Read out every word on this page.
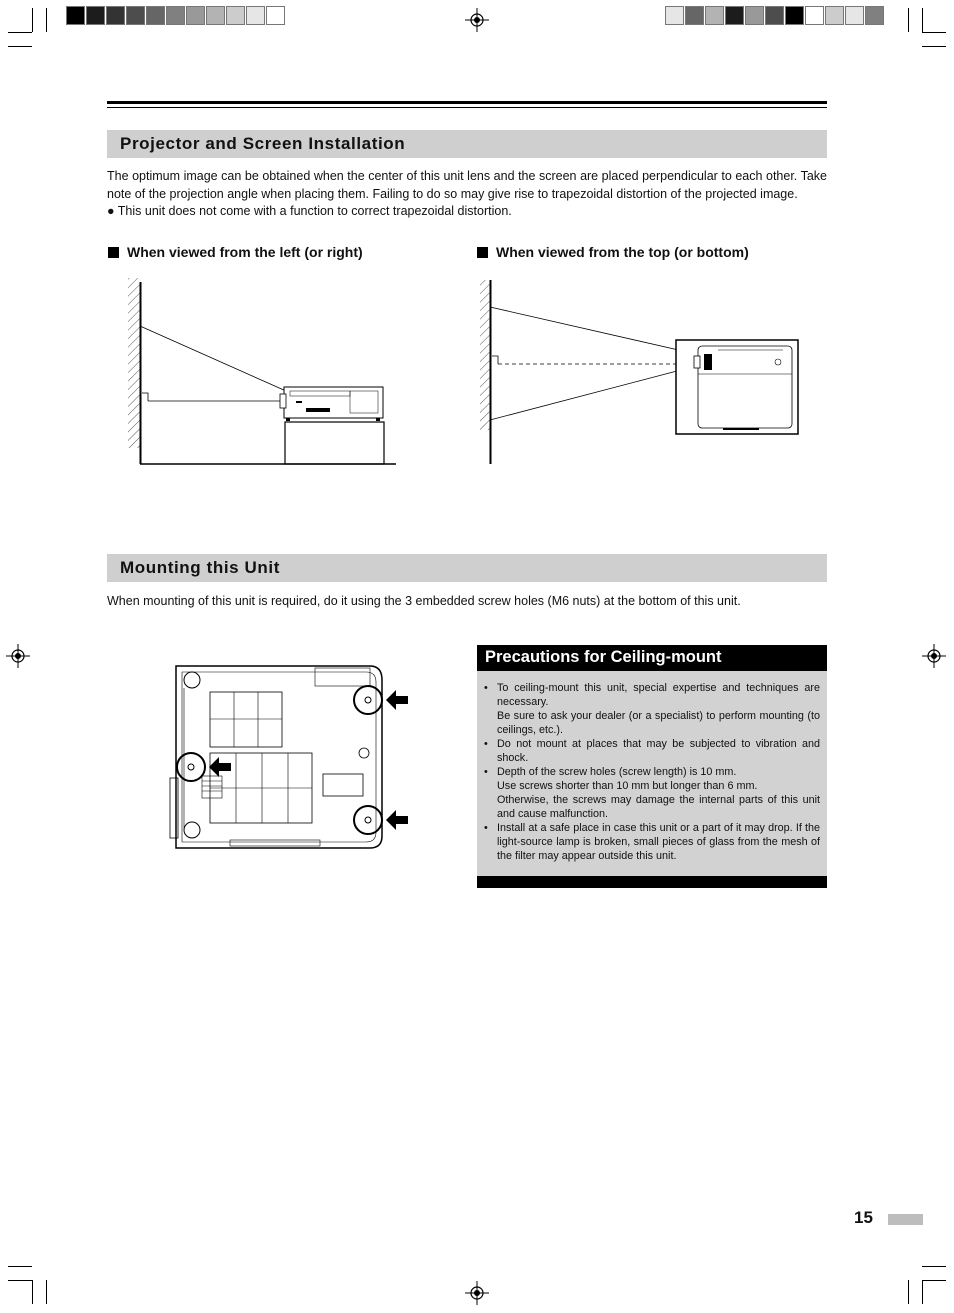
Projector and Screen Installation

The optimum image can be obtained when the center of this unit lens and the screen are placed perpendicular to each other. Take note of the projection angle when placing them. Failing to do so may give rise to trapezoidal distortion of the projected image.

● This unit does not come with a function to correct trapezoidal distortion.

When viewed from the left (or right)	When viewed from the top (or bottom)
Mounting this Unit

When mounting of this unit is required, do it using the 3 embedded screw holes (M6 nuts) at the bottom of this unit.

Precautions for Ceiling-mount
• To ceiling-mount this unit, special expertise and techniques are necessary.
Be sure to ask your dealer (or a specialist) to perform mounting (to ceilings, etc.).
• Do not mount at places that may be subjected to vibration and shock.
• Depth of the screw holes (screw length) is 10 mm.
Use screws shorter than 10 mm but longer than 6 mm.
Otherwise, the screws may damage the internal parts of this unit and cause malfunction.
• Install at a safe place in case this unit or a part of it may drop. If the light-source lamp is broken, small pieces of glass from the mesh of the filter may appear outside this unit.
15
